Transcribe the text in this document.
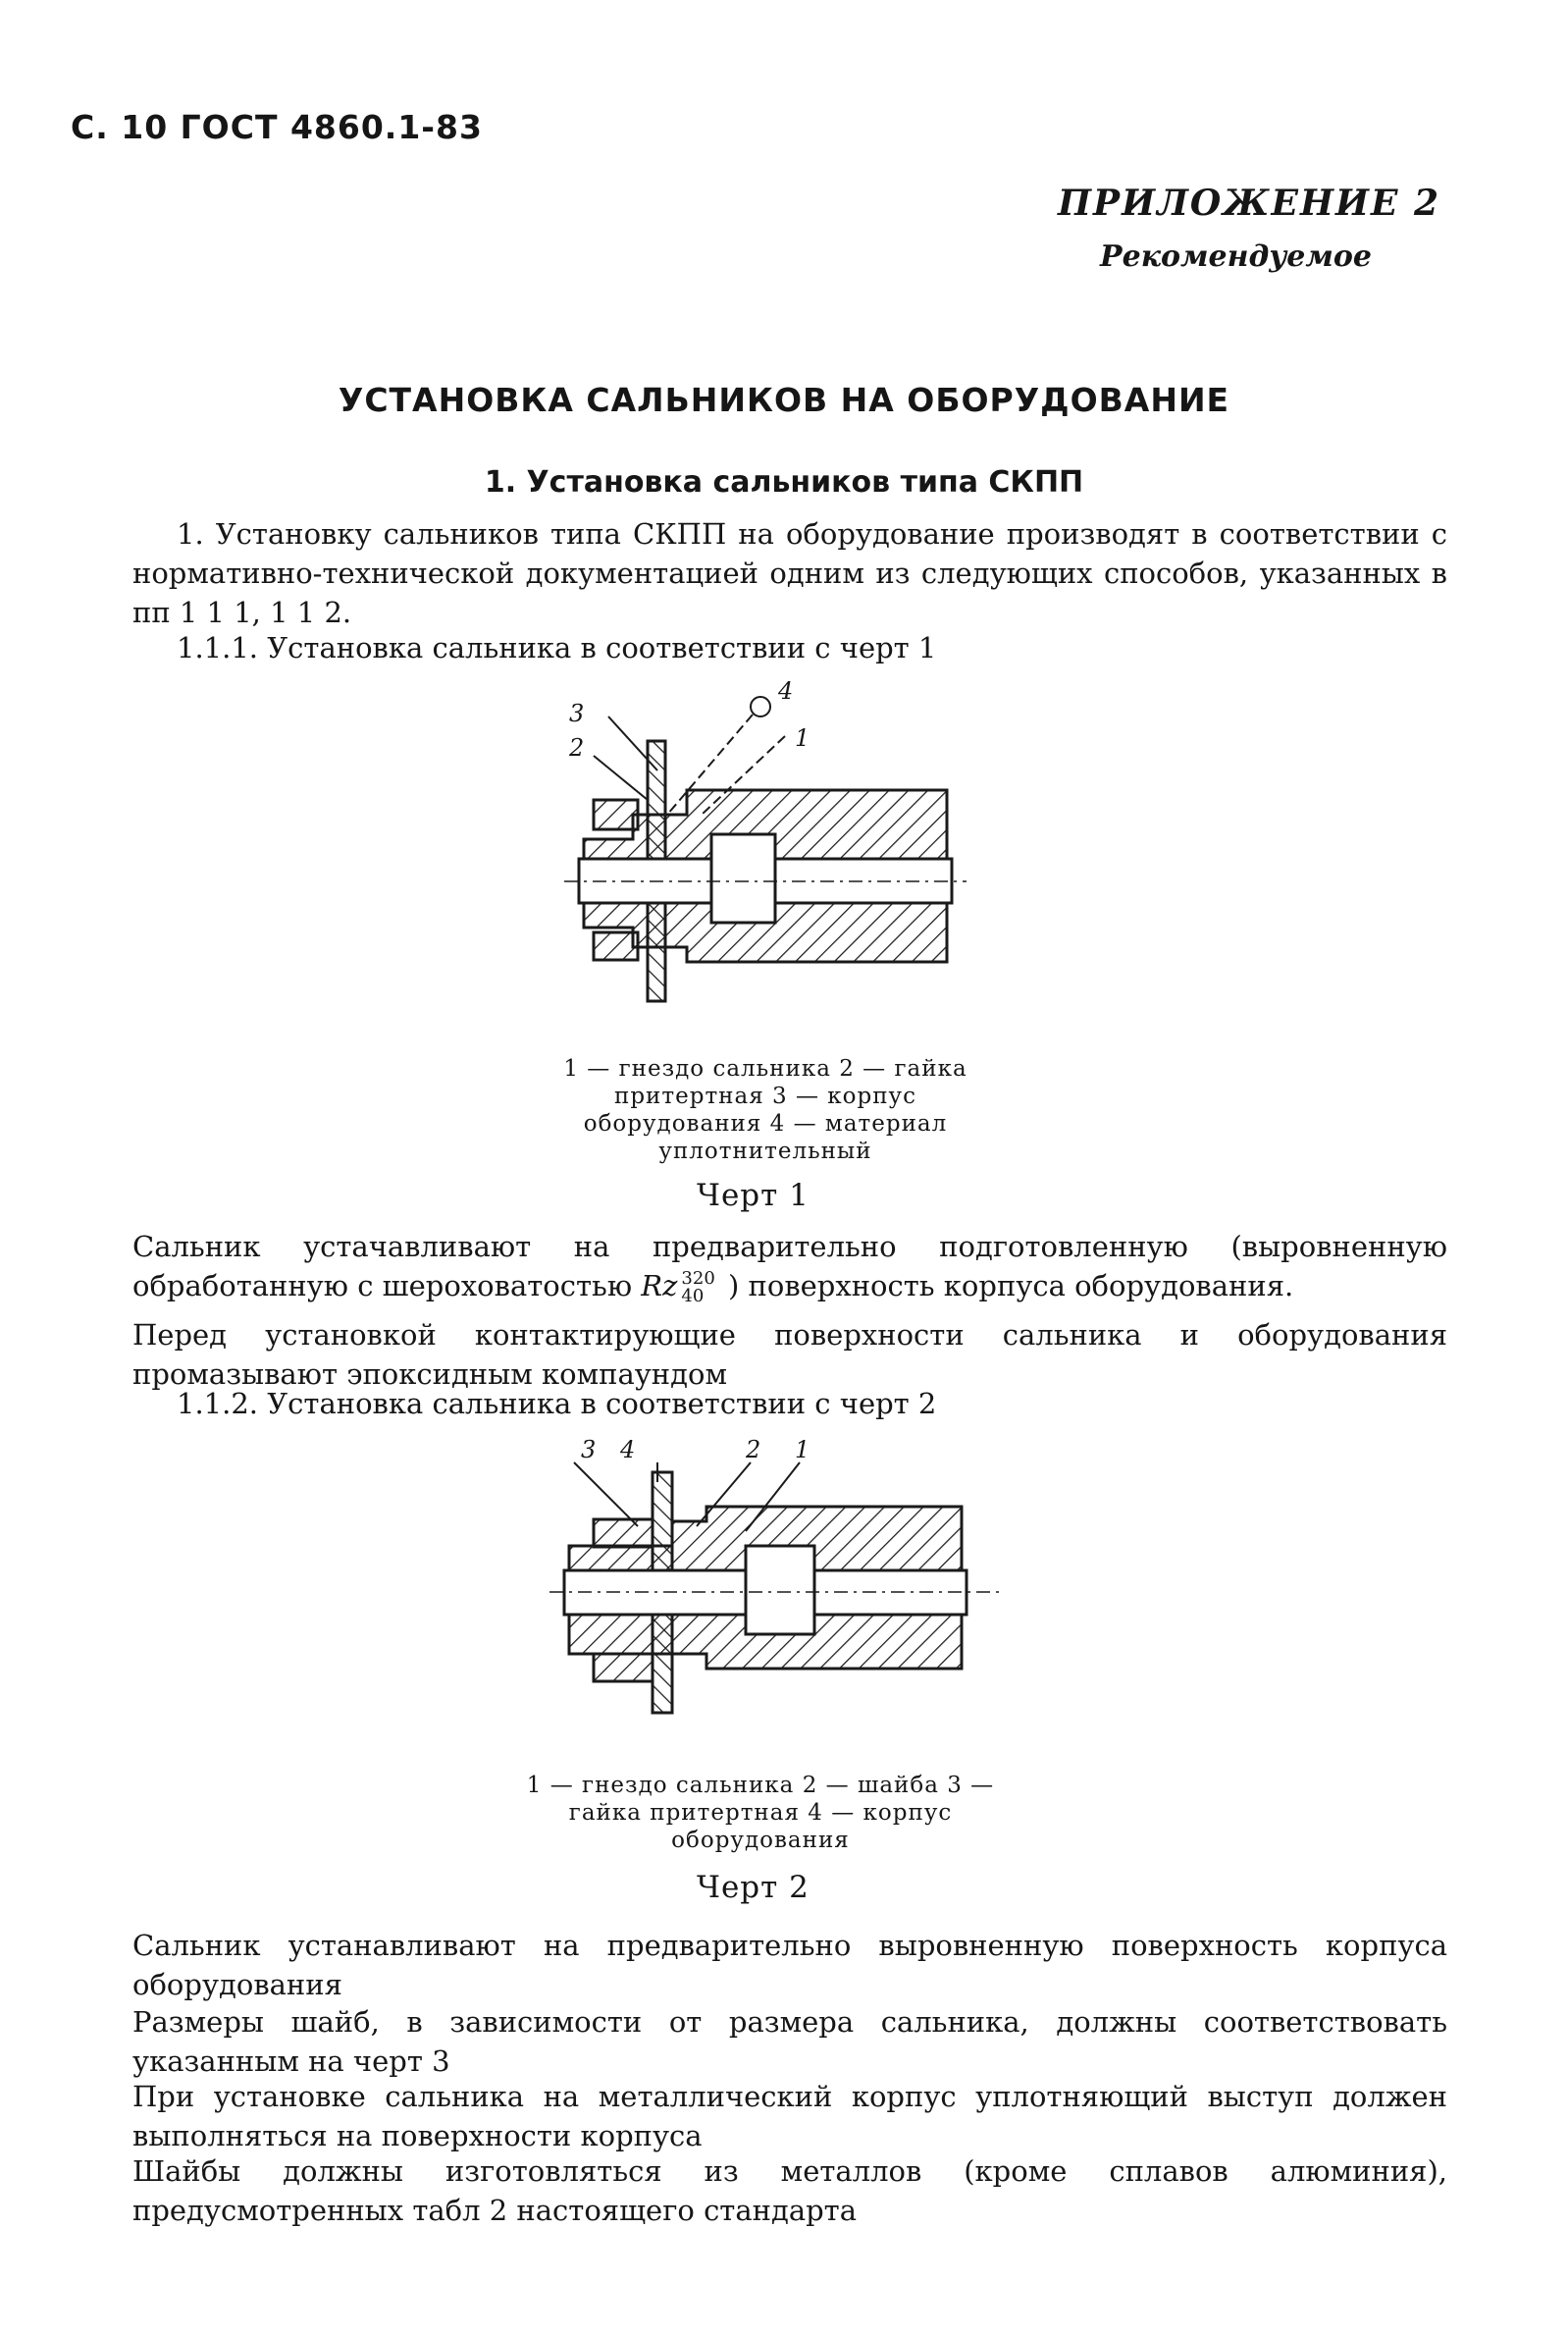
С. 10 ГОСТ 4860.1-83
ПРИЛОЖЕНИЕ 2
Рекомендуемое
УСТАНОВКА САЛЬНИКОВ НА ОБОРУДОВАНИЕ
1. Установка сальников типа СКПП
1. Установку сальников типа СКПП на оборудование производят в соответствии с нормативно-технической документацией одним из следующих способов, указанных в пп 1 1 1, 1 1 2.
1.1.1. Установка сальника в соответствии с черт 1
3
2
4
1
1 — гнездо сальника 2 — гайка притертная 3 — корпус оборудования 4 — материал уплотнительный
Черт 1
Сальник устачавливают на предварительно подготовленную (выровненную обработанную с шероховатостью Rz 320
40 ) поверхность корпуса оборудования.
Перед установкой контактирующие поверхности сальника и оборудования промазывают эпоксидным компаундом
1.1.2. Установка сальника в соответствии с черт 2
3 4	2 1
1 — гнездо сальника 2 — шайба 3 — гайка притертная 4 — корпус оборудования
Черт 2
Сальник устанавливают на предварительно выровненную поверхность корпуса оборудования
Размеры шайб, в зависимости от размера сальника, должны соответствовать указанным на черт 3
При установке сальника на металлический корпус уплотняющий выступ должен выполняться на поверхности корпуса
Шайбы должны изготовляться из металлов (кроме сплавов алюминия), предусмотренных табл 2 настоящего стандарта
